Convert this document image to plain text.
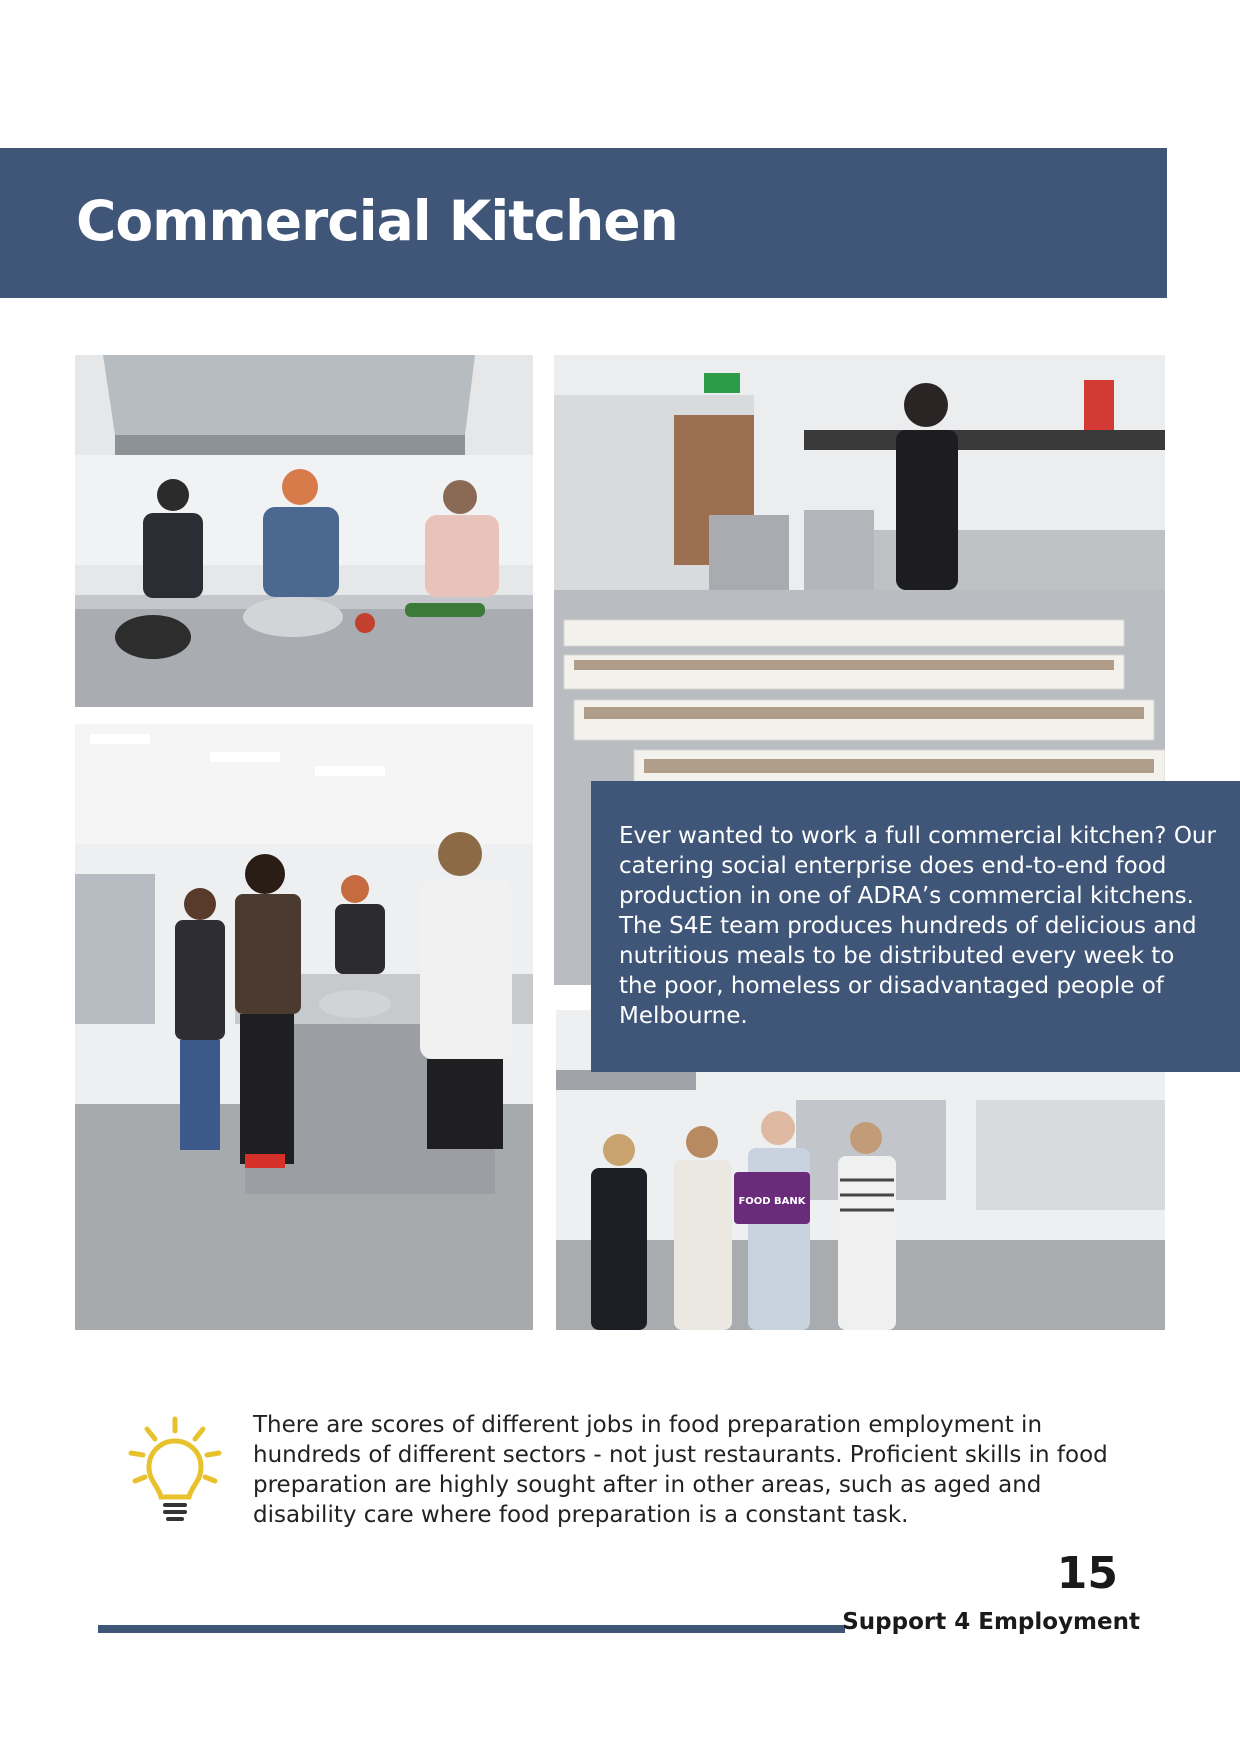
Commercial Kitchen
FOOD BANK

Ever wanted to work a full commercial kitchen? Our catering social enterprise does end-to-end food production in one of ADRA’s commercial kitchens. The S4E team produces hundreds of delicious and nutritious meals to be distributed every week to the poor, homeless or disadvantaged people of Melbourne.

There are scores of different jobs in food preparation employment in hundreds of different sectors - not just restaurants. Proficient skills in food preparation are highly sought after in other areas, such as aged and disability care where food preparation is a constant task.

15
Support 4 Employment
